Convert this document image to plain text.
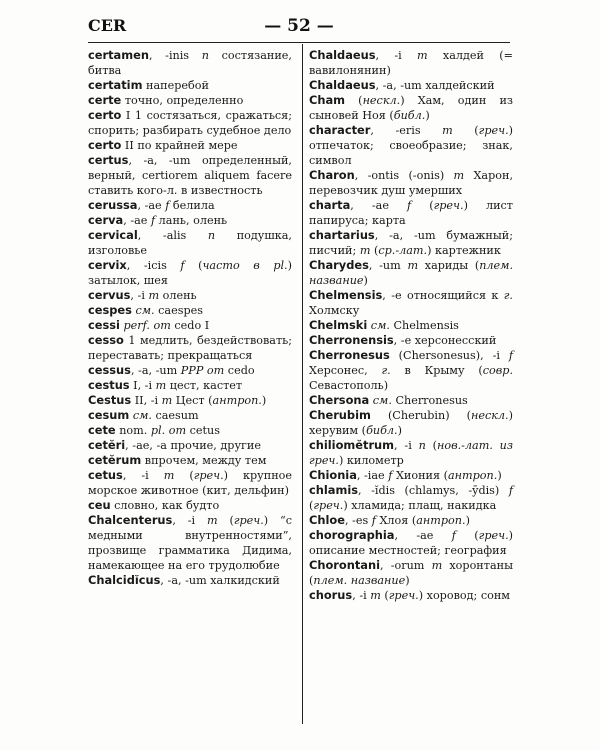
CER	— 52 —
certamen, -inis n состязание, битва
certatim наперебой
certe точно, определенно
certo I 1 состязаться, сражаться; спорить; разбирать судебное дело
certo II по крайней мере
certus, -a, -um определенный, верный, certiorem aliquem facere ставить кого-л. в известность
cerussa, -ae f белила
cerva, -ae f лань, олень
cervical, -alis n подушка, изголовье
cervix, -icis f (часто в pl.) затылок, шея
cervus, -i m олень
cespes см. caespes
cessi perf. от cedo I
cesso 1 медлить, бездействовать; переставать; прекращаться
cessus, -a, -um PPP от cedo
cestus I, -i m цест, кастет
Cestus II, -i m Цест (антроп.)
cesum см. caesum
cete nom. pl. от cetus
cetĕri, -ae, -a прочие, другие
cetĕrum впрочем, между тем
cetus, -i m (греч.) крупное морское животное (кит, дельфин)
ceu словно, как будто
Chalcenterus, -i m (греч.) “с медными внутренностями”, прозвище грамматика Дидима, намекающее на его трудолюбие
Chalcidĭcus, -a, -um халкидский
Chaldaeus, -i m халдей (= вавилонянин)
Chaldaeus, -a, -um халдейский
Cham (нескл.) Хам, один из сыновей Ноя (библ.)
character, -eris m (греч.) отпечаток; своеобразие; знак, символ
Charon, -ontis (-onis) m Харон, перевозчик душ умерших
charta, -ae f (греч.) лист папируса; карта
chartarius, -a, -um бумажный; писчий; m (ср.-лат.) картежник
Charydes, -um m хариды (плем. название)
Chelmensis, -e относящийся к г. Холмску
Chelmski см. Chelmensis
Cherronensis, -e херсонесский
Cherronesus (Chersonesus), -i f Херсонес, г. в Крыму (совр. Севастополь)
Chersona см. Cherronesus
Cherubim (Cherubin) (нескл.) херувим (библ.)
chiliomĕtrum, -i n (нов.-лат. из греч.) километр
Chionia, -iae f Хиония (антроп.)
chlamis, -ĭdis (chlamys, -ȳdis) f (греч.) хламида; плащ, накидка
Chloe, -es f Хлоя (антроп.)
chorographia, -ae f (греч.) описание местностей; география
Chorontani, -orum m хоронтаны (плем. название)
chorus, -i m (греч.) хоровод; сонм
